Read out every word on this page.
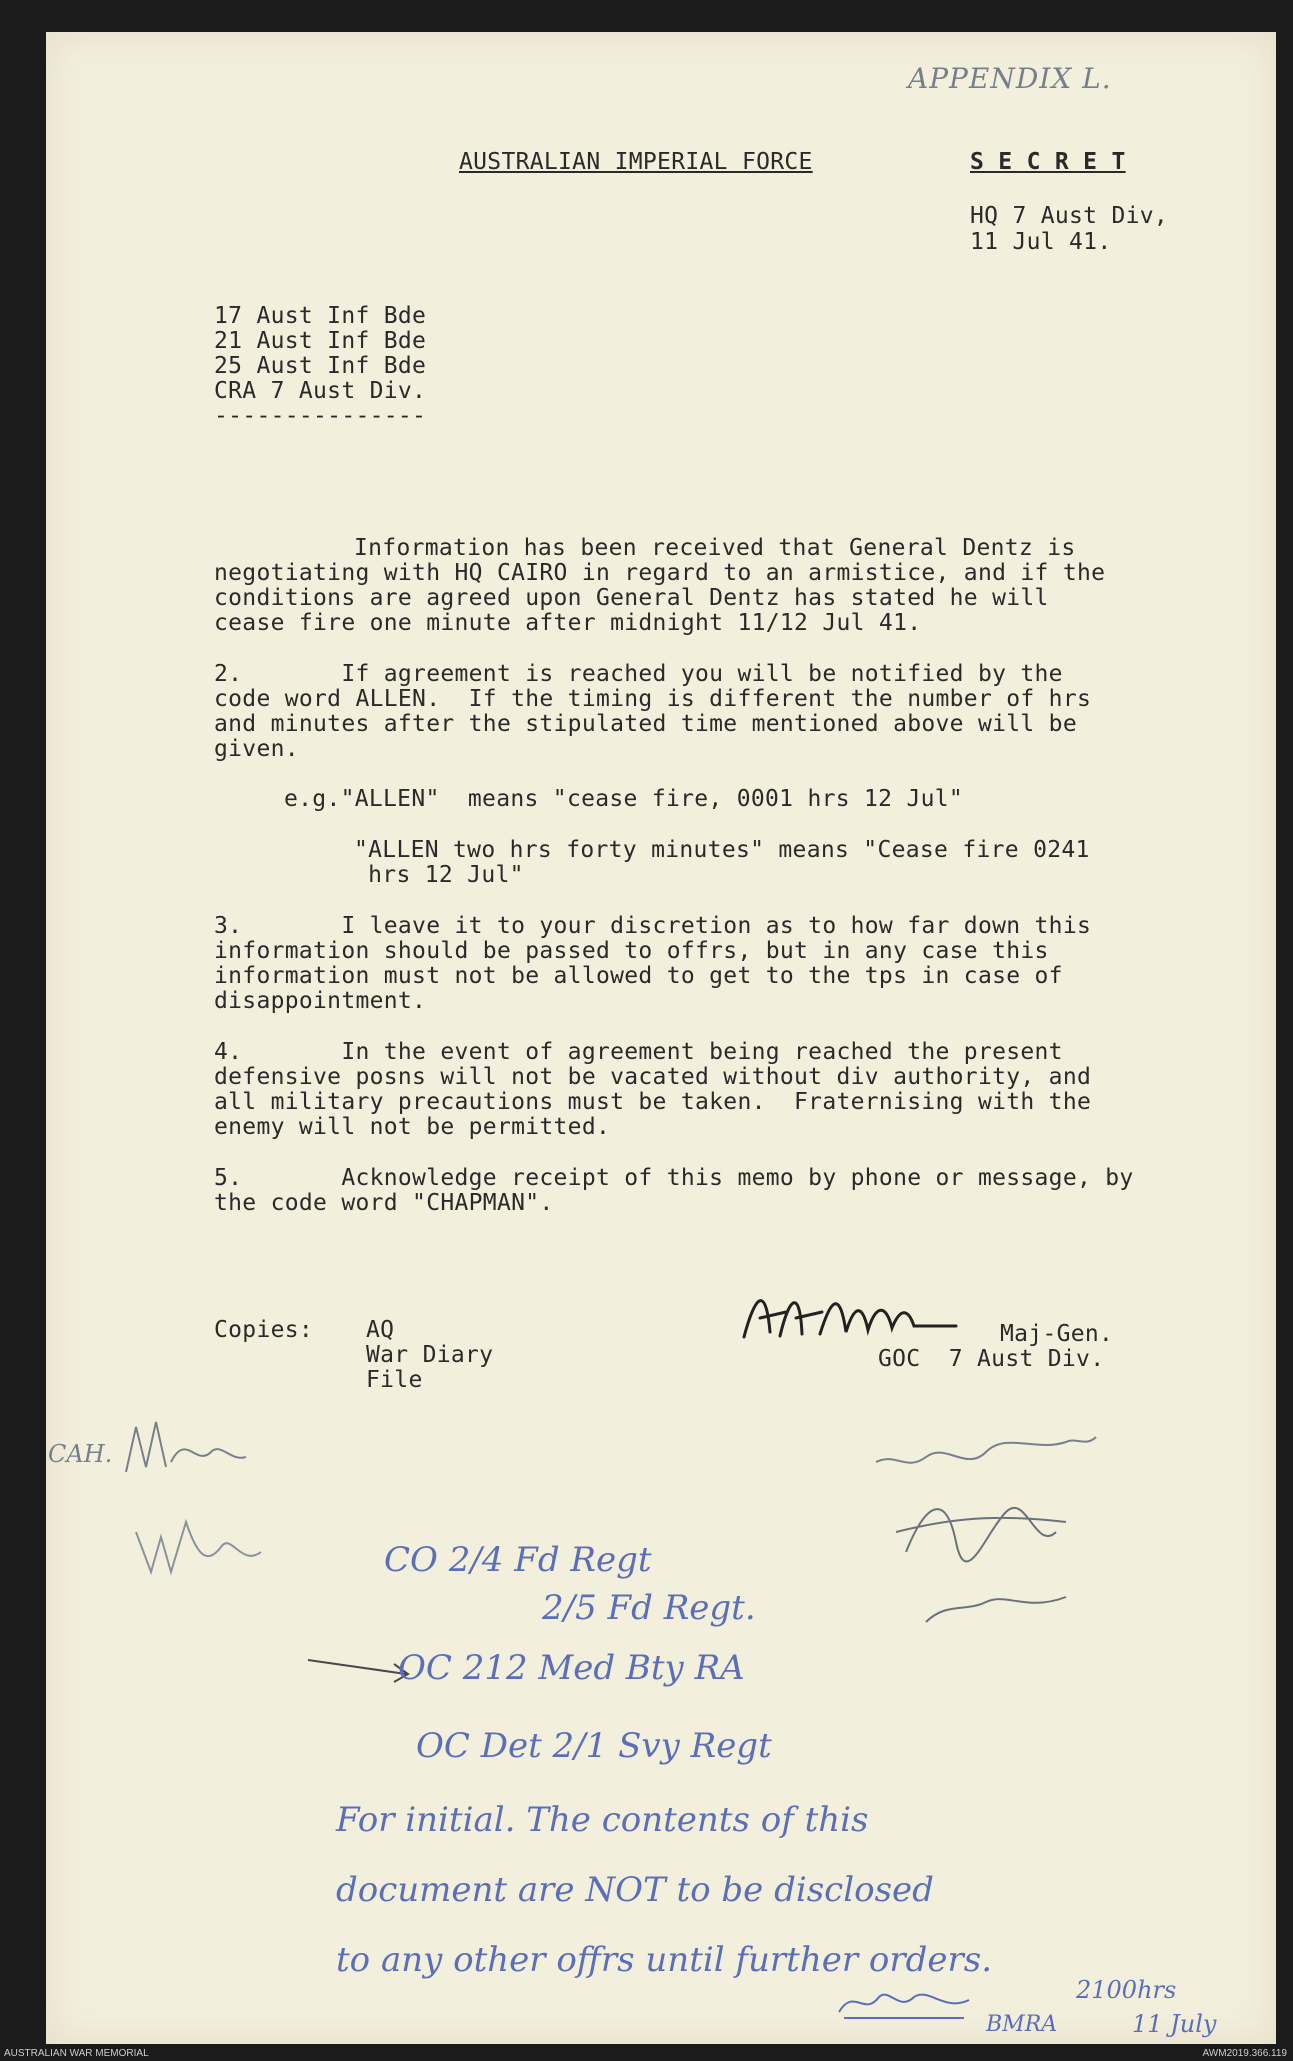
APPENDIX L.
AUSTRALIAN IMPERIAL FORCE	S E C R E T
HQ 7 Aust Div,
11 Jul 41.
17 Aust Inf Bde
21 Aust Inf Bde
25 Aust Inf Bde
CRA 7 Aust Div.
---------------
Information has been received that General Dentz is
negotiating with HQ CAIRO in regard to an armistice, and if the
conditions are agreed upon General Dentz has stated he will
cease fire one minute after midnight 11/12 Jul 41.
2.       If agreement is reached you will be notified by the
code word ALLEN.  If the timing is different the number of hrs
and minutes after the stipulated time mentioned above will be
given.
e.g."ALLEN"  means "cease fire, 0001 hrs 12 Jul"
"ALLEN two hrs forty minutes" means "Cease fire 0241
hrs 12 Jul"
3.       I leave it to your discretion as to how far down this
information should be passed to offrs, but in any case this
information must not be allowed to get to the tps in case of
disappointment.
4.       In the event of agreement being reached the present
defensive posns will not be vacated without div authority, and
all military precautions must be taken.  Fraternising with the
enemy will not be permitted.
5.       Acknowledge receipt of this memo by phone or message, by
the code word "CHAPMAN".
Copies: AQ
War Diary
File
Maj-Gen.
GOC  7 Aust Div.
CAH.
CO 2/4 Fd Regt
2/5 Fd Regt.
OC 212 Med Bty RA
OC Det 2/1 Svy Regt
For initial. The contents of this
document are NOT to be disclosed
to any other offrs until further orders.
2100hrs
BMRA	11 July
AUSTRALIAN WAR MEMORIAL	AWM2019.366.119
